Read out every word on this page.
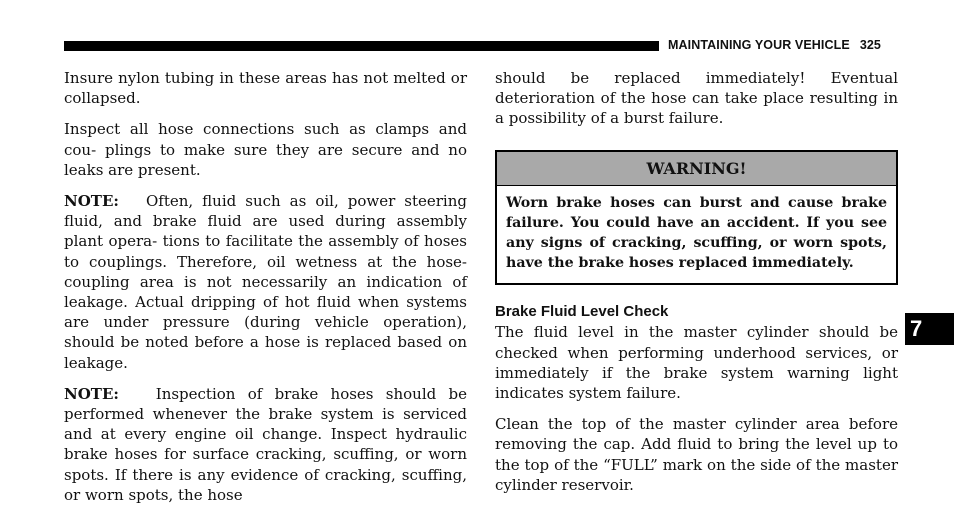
MAINTAINING YOUR VEHICLE 325

Insure nylon tubing in these areas has not melted or collapsed.

Inspect all hose connections such as clamps and cou- plings to make sure they are secure and no leaks are present.

NOTE: Often, fluid such as oil, power steering fluid, and brake fluid are used during assembly plant opera- tions to facilitate the assembly of hoses to couplings. Therefore, oil wetness at the hose-coupling area is not necessarily an indication of leakage. Actual dripping of hot fluid when systems are under pressure (during vehicle operation), should be noted before a hose is replaced based on leakage.

NOTE: Inspection of brake hoses should be performed whenever the brake system is serviced and at every engine oil change. Inspect hydraulic brake hoses for surface cracking, scuffing, or worn spots. If there is any evidence of cracking, scuffing, or worn spots, the hose

should be replaced immediately! Eventual deterioration of the hose can take place resulting in a possibility of a burst failure.

WARNING!
Worn brake hoses can burst and cause brake failure. You could have an accident. If you see any signs of cracking, scuffing, or worn spots, have the brake hoses replaced immediately.
Brake Fluid Level Check

The fluid level in the master cylinder should be checked when performing underhood services, or immediately if the brake system warning light indicates system failure.

Clean the top of the master cylinder area before removing the cap. Add fluid to bring the level up to the top of the “FULL” mark on the side of the master cylinder reservoir.

7
